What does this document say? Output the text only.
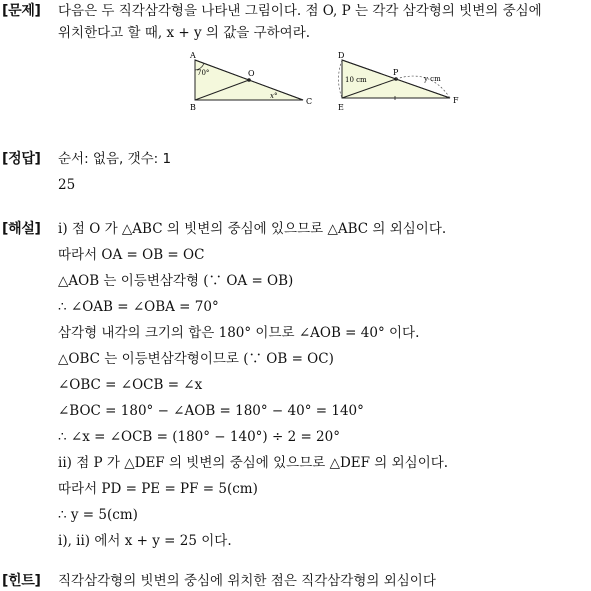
[문제] 다음은 두 직각삼각형을 나타낸 그림이다. 점 O, P 는 각각 삼각형의 빗변의 중심에
위치한다고 할 때, x + y 의 값을 구하여라.
A
B
C
O
70°
x°
D
E
F
P
10 cm	y cm
[정답] 순서: 없음, 갯수: 1
25
[해설] i) 점 O 가 △ABC 의 빗변의 중심에 있으므로 △ABC 의 외심이다.
따라서 OA = OB = OC
△AOB 는 이등변삼각형 (∵ OA = OB)
∴ ∠OAB = ∠OBA = 70°
삼각형 내각의 크기의 합은 180° 이므로 ∠AOB = 40° 이다.
△OBC 는 이등변삼각형이므로 (∵ OB = OC)
∠OBC = ∠OCB = ∠x
∠BOC = 180° − ∠AOB = 180° − 40° = 140°
∴ ∠x = ∠OCB = (180° − 140°) ÷ 2 = 20°
ii) 점 P 가 △DEF 의 빗변의 중심에 있으므로 △DEF 의 외심이다.
따라서 PD = PE = PF = 5(cm)
∴ y = 5(cm)
i), ii) 에서 x + y = 25 이다.
[힌트] 직각삼각형의 빗변의 중심에 위치한 점은 직각삼각형의 외심이다
